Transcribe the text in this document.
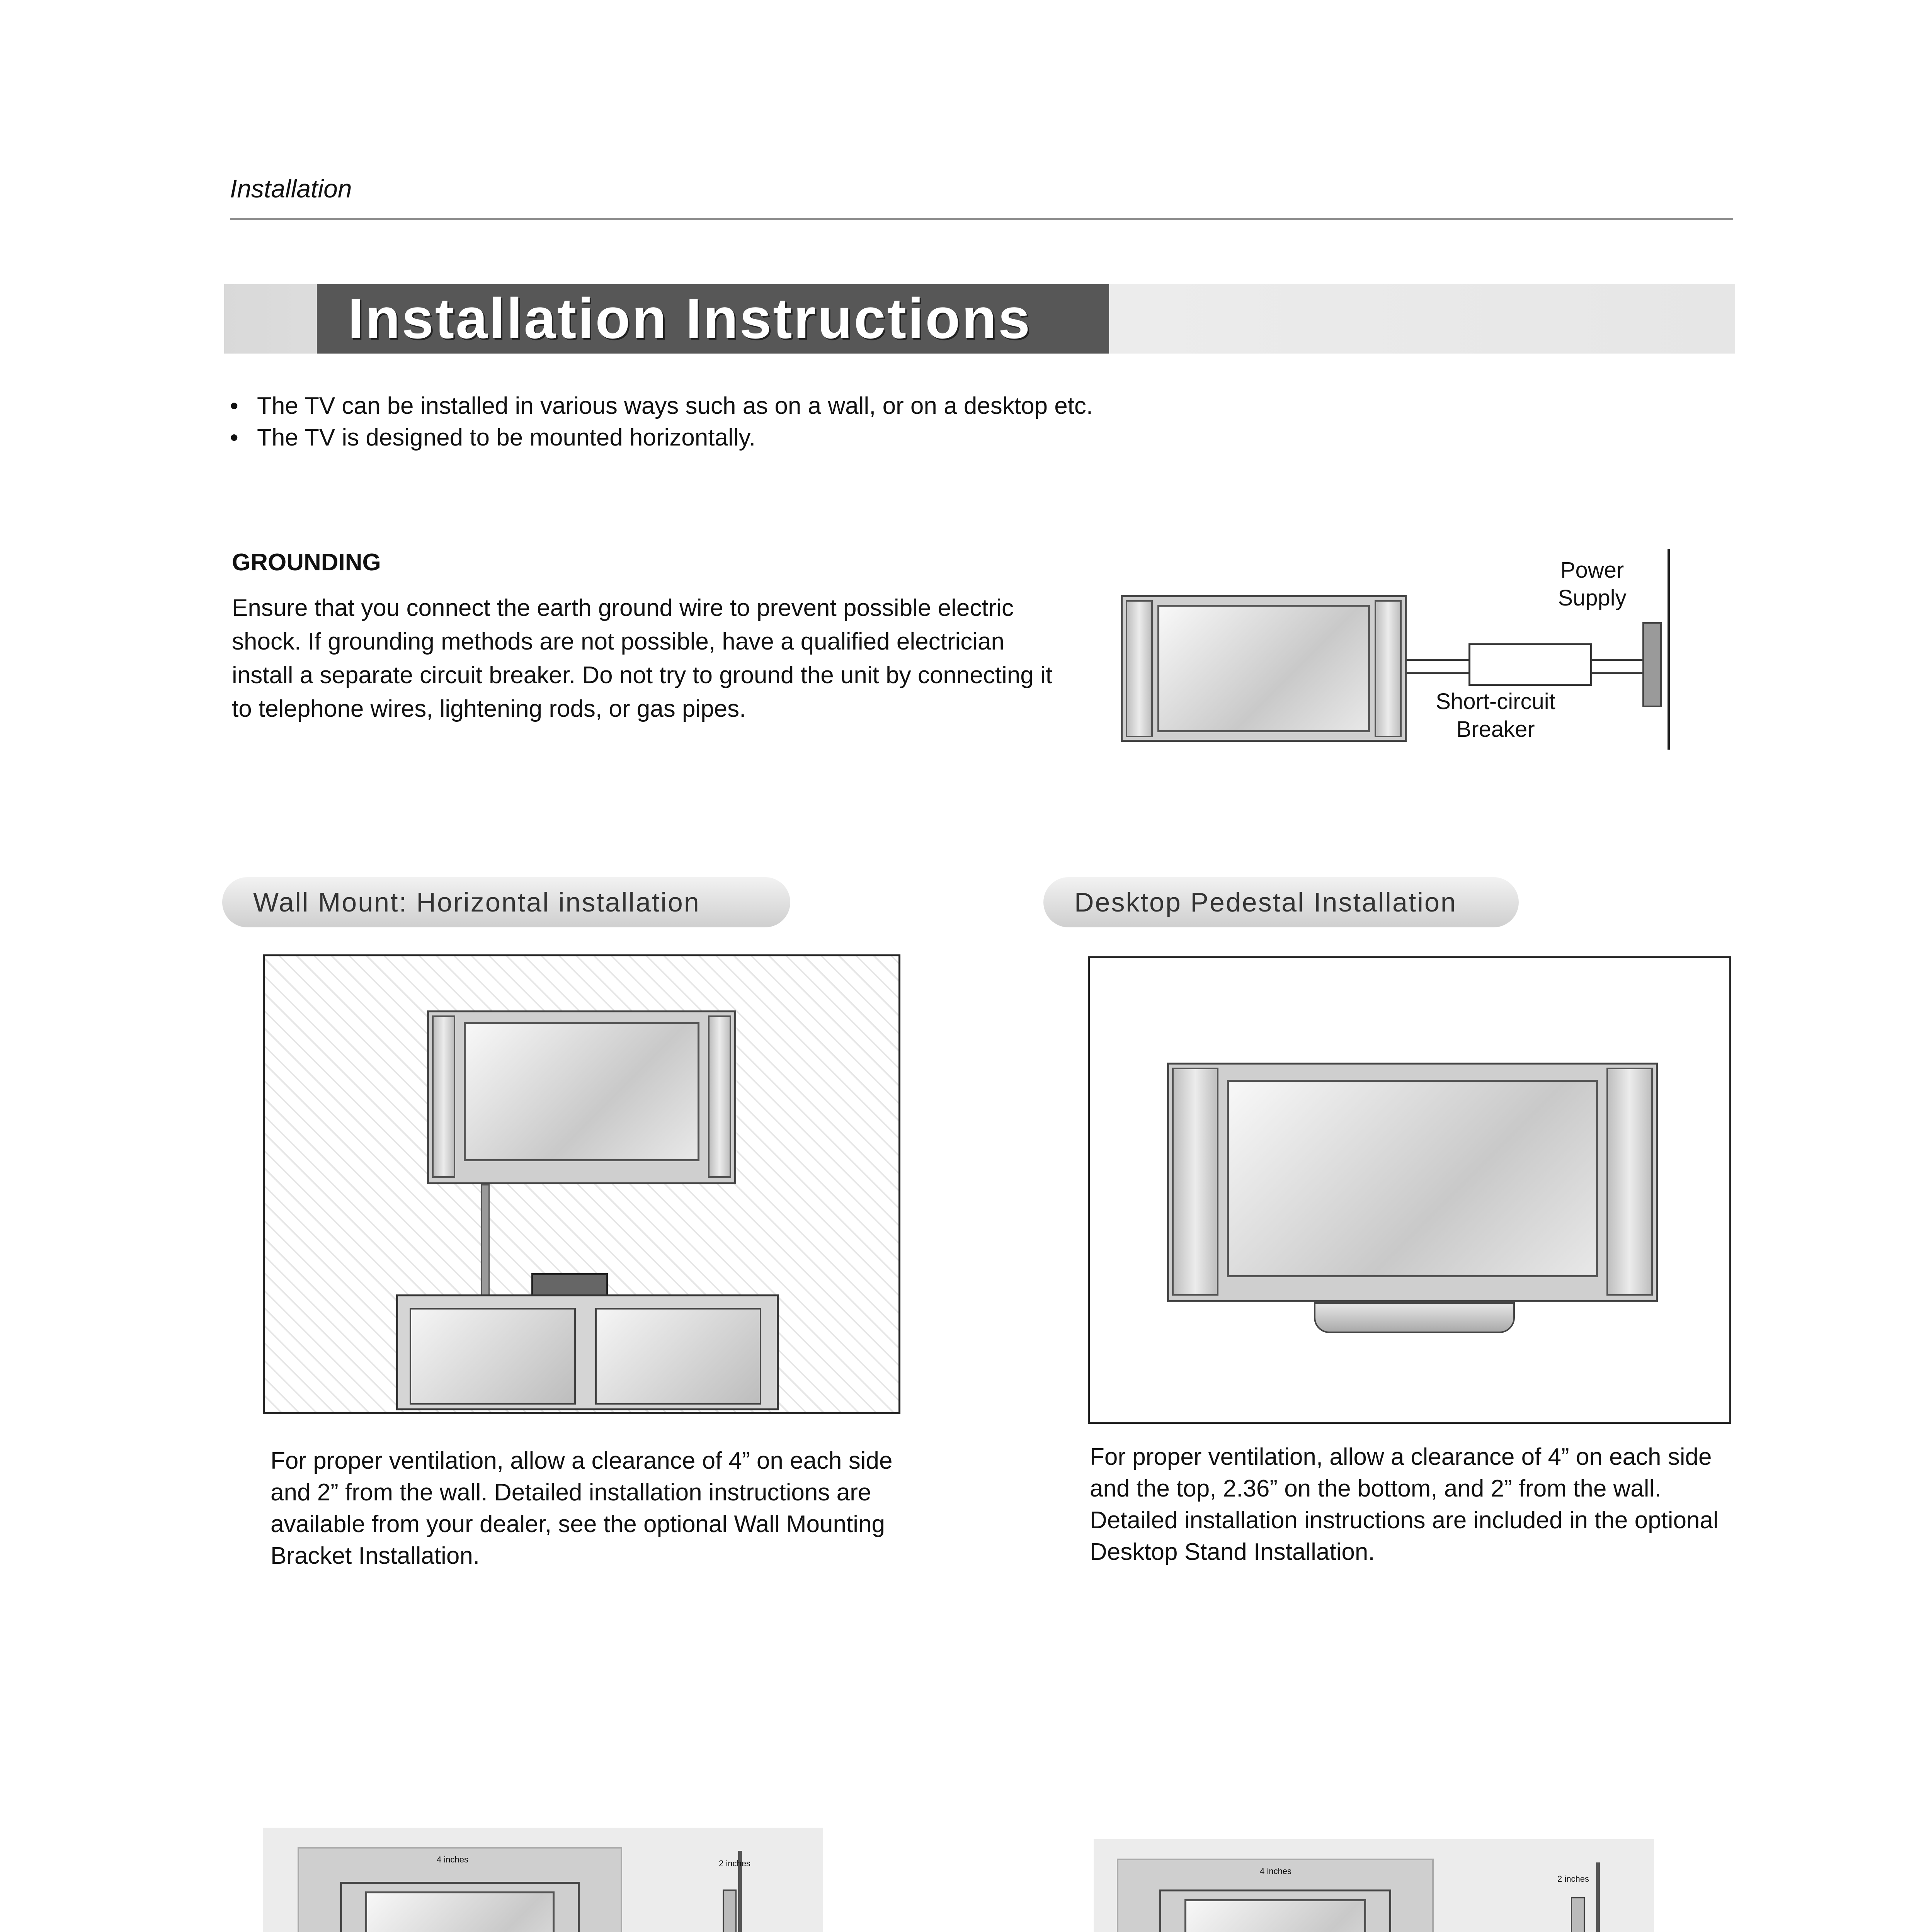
Installation
Installation Instructions
• The TV can be installed in various ways such as on a wall, or on a desktop etc.
• The TV is designed to be mounted horizontally.
GROUNDING
Ensure that you connect the earth ground wire to prevent possible electric shock. If grounding methods are not possible, have a qualified electrician install a separate circuit breaker. Do not try to ground the unit by connecting it to telephone wires, lightening rods, or gas pipes.
Power Supply
Short-circuit Breaker
Wall Mount: Horizontal installation	Desktop Pedestal Installation
For proper ventilation, allow a clearance of 4” on each side and 2” from the wall. Detailed installation instructions are available from your dealer, see the optional Wall Mounting Bracket Installation.
For proper ventilation, allow a clearance of 4” on each side and the top, 2.36” on the bottom, and 2” from the wall. Detailed installation instructions are included in the optional Desktop Stand Installation.
4 inches	2 inches
4 inches
2 inches
